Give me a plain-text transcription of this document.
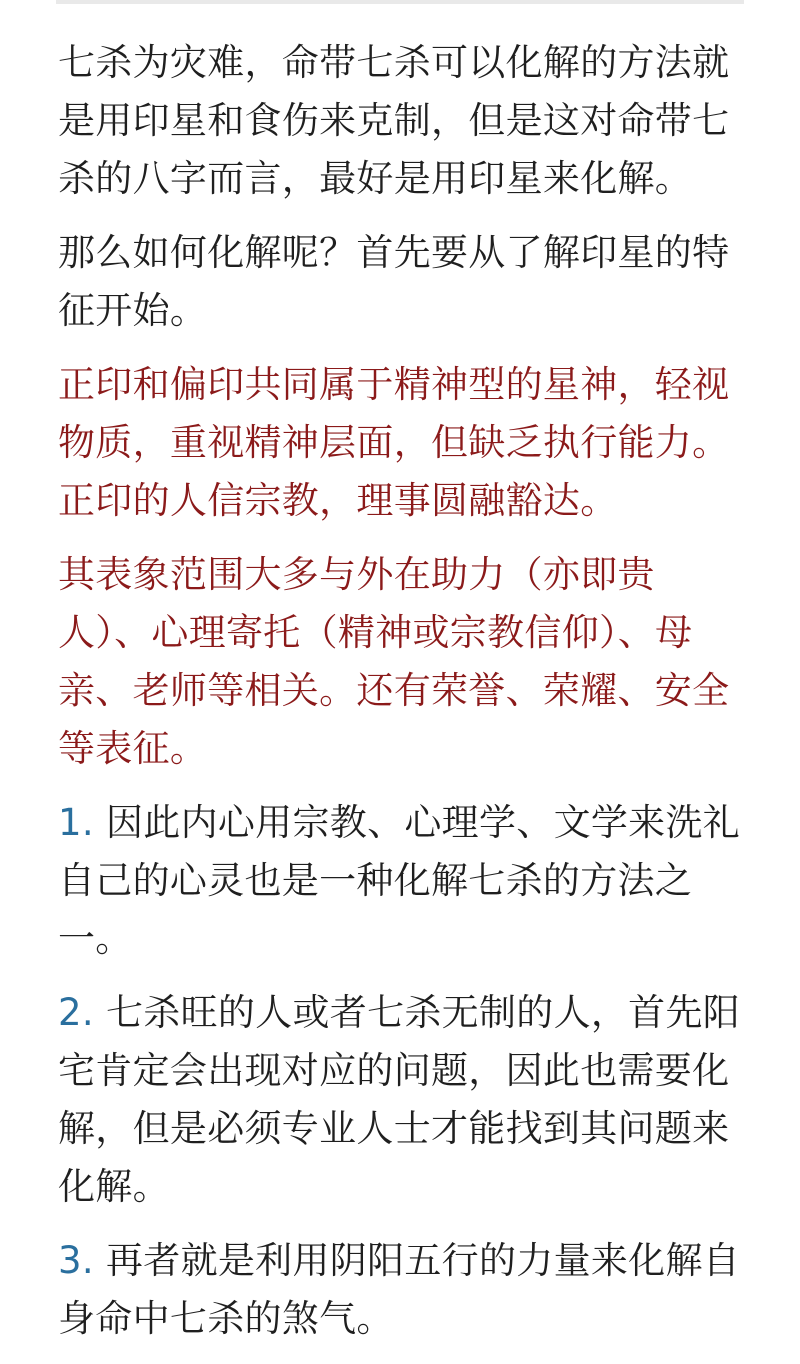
七杀为灾难，命带七杀可以化解的方法就是用印星和食伤来克制，但是这对命带七杀的八字而言，最好是用印星来化解。

那么如何化解呢？首先要从了解印星的特征开始。

正印和偏印共同属于精神型的星神，轻视物质，重视精神层面，但缺乏执行能力。正印的人信宗教，理事圆融豁达。

其表象范围大多与外在助力（亦即贵人）、心理寄托（精神或宗教信仰）、母亲、老师等相关。还有荣誉、荣耀、安全等表征。

1. 因此内心用宗教、心理学、文学来洗礼自己的心灵也是一种化解七杀的方法之一。

2. 七杀旺的人或者七杀无制的人，首先阳宅肯定会出现对应的问题，因此也需要化解，但是必须专业人士才能找到其问题来化解。

3. 再者就是利用阴阳五行的力量来化解自身命中七杀的煞气。
